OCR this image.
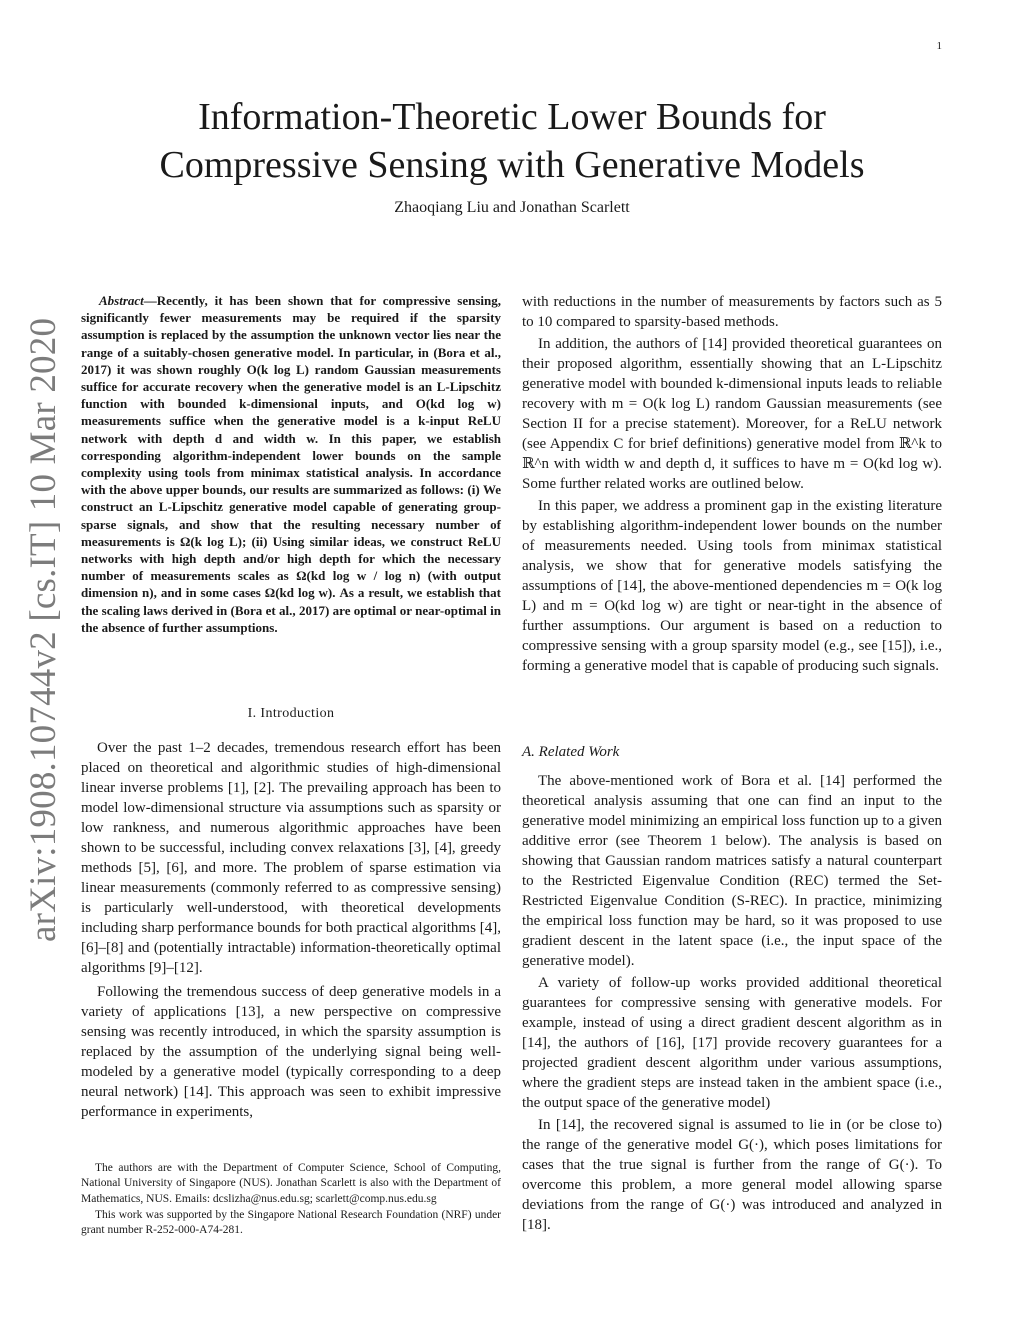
1
arXiv:1908.10744v2 [cs.IT] 10 Mar 2020
Information-Theoretic Lower Bounds for
Compressive Sensing with Generative Models
Zhaoqiang Liu and Jonathan Scarlett

Abstract—Recently, it has been shown that for compressive sensing, significantly fewer measurements may be required if the sparsity assumption is replaced by the assumption the unknown vector lies near the range of a suitably-chosen generative model. In particular, in (Bora et al., 2017) it was shown roughly O(k log L) random Gaussian measurements suffice for accurate recovery when the generative model is an L-Lipschitz function with bounded k-dimensional inputs, and O(kd log w) measurements suffice when the generative model is a k-input ReLU network with depth d and width w. In this paper, we establish corresponding algorithm-independent lower bounds on the sample complexity using tools from minimax statistical analysis. In accordance with the above upper bounds, our results are summarized as follows: (i) We construct an L-Lipschitz generative model capable of generating group-sparse signals, and show that the resulting necessary number of measurements is Ω(k log L); (ii) Using similar ideas, we construct ReLU networks with high depth and/or high depth for which the necessary number of measurements scales as Ω(kd log w / log n) (with output dimension n), and in some cases Ω(kd log w). As a result, we establish that the scaling laws derived in (Bora et al., 2017) are optimal or near-optimal in the absence of further assumptions.

I. Introduction

Over the past 1–2 decades, tremendous research effort has been placed on theoretical and algorithmic studies of high-dimensional linear inverse problems [1], [2]. The prevailing approach has been to model low-dimensional structure via assumptions such as sparsity or low rankness, and numerous algorithmic approaches have been shown to be successful, including convex relaxations [3], [4], greedy methods [5], [6], and more. The problem of sparse estimation via linear measurements (commonly referred to as compressive sensing) is particularly well-understood, with theoretical developments including sharp performance bounds for both practical algorithms [4], [6]–[8] and (potentially intractable) information-theoretically optimal algorithms [9]–[12].

Following the tremendous success of deep generative models in a variety of applications [13], a new perspective on compressive sensing was recently introduced, in which the sparsity assumption is replaced by the assumption of the underlying signal being well-modeled by a generative model (typically corresponding to a deep neural network) [14]. This approach was seen to exhibit impressive performance in experiments,

The authors are with the Department of Computer Science, School of Computing, National University of Singapore (NUS). Jonathan Scarlett is also with the Department of Mathematics, NUS. Emails: dcslizha@nus.edu.sg; scarlett@comp.nus.edu.sg

This work was supported by the Singapore National Research Foundation (NRF) under grant number R-252-000-A74-281.

with reductions in the number of measurements by factors such as 5 to 10 compared to sparsity-based methods.

In addition, the authors of [14] provided theoretical guarantees on their proposed algorithm, essentially showing that an L-Lipschitz generative model with bounded k-dimensional inputs leads to reliable recovery with m = O(k log L) random Gaussian measurements (see Section II for a precise statement). Moreover, for a ReLU network (see Appendix C for brief definitions) generative model from ℝ^k to ℝ^n with width w and depth d, it suffices to have m = O(kd log w). Some further related works are outlined below.

In this paper, we address a prominent gap in the existing literature by establishing algorithm-independent lower bounds on the number of measurements needed. Using tools from minimax statistical analysis, we show that for generative models satisfying the assumptions of [14], the above-mentioned dependencies m = O(k log L) and m = O(kd log w) are tight or near-tight in the absence of further assumptions. Our argument is based on a reduction to compressive sensing with a group sparsity model (e.g., see [15]), i.e., forming a generative model that is capable of producing such signals.

A. Related Work

The above-mentioned work of Bora et al. [14] performed the theoretical analysis assuming that one can find an input to the generative model minimizing an empirical loss function up to a given additive error (see Theorem 1 below). The analysis is based on showing that Gaussian random matrices satisfy a natural counterpart to the Restricted Eigenvalue Condition (REC) termed the Set-Restricted Eigenvalue Condition (S-REC). In practice, minimizing the empirical loss function may be hard, so it was proposed to use gradient descent in the latent space (i.e., the input space of the generative model).

A variety of follow-up works provided additional theoretical guarantees for compressive sensing with generative models. For example, instead of using a direct gradient descent algorithm as in [14], the authors of [16], [17] provide recovery guarantees for a projected gradient descent algorithm under various assumptions, where the gradient steps are instead taken in the ambient space (i.e., the output space of the generative model)

In [14], the recovered signal is assumed to lie in (or be close to) the range of the generative model G(·), which poses limitations for cases that the true signal is further from the range of G(·). To overcome this problem, a more general model allowing sparse deviations from the range of G(·) was introduced and analyzed in [18].
